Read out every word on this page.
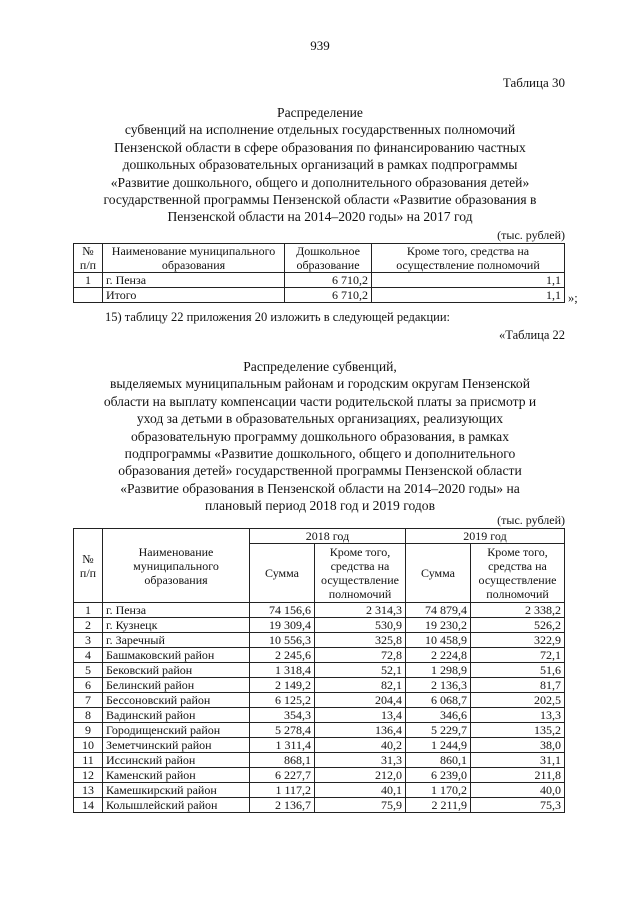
939
Таблица 30
Распределение
субвенций на исполнение отдельных государственных полномочий
Пензенской области в сфере образования по финансированию частных
дошкольных образовательных организаций в рамках подпрограммы
«Развитие дошкольного, общего и дополнительного образования детей»
государственной программы Пензенской области «Развитие образования в
Пензенской области на 2014–2020 годы» на 2017 год
(тыс. рублей)
№
п/п	Наименование муниципального образования	Дошкольное образование	Кроме того, средства на осуществление полномочий
1	г. Пенза	6 710,2	1,1
	Итого	6 710,2	1,1 »;
15) таблицу 22 приложения 20 изложить в следующей редакции:
«Таблица 22
Распределение субвенций,
выделяемых муниципальным районам и городским округам Пензенской
области на выплату компенсации части родительской платы за присмотр и
уход за детьми в образовательных организациях, реализующих
образовательную программу дошкольного образования, в рамках
подпрограммы «Развитие дошкольного, общего и дополнительного
образования детей» государственной программы Пензенской области
«Развитие образования в Пензенской области на 2014–2020 годы» на
плановый период 2018 год и 2019 годов
(тыс. рублей)
№ п/п	Наименование муниципального образования	2018 год		2019 год	
		Сумма	Кроме того, средства на осуществление полномочий	Сумма	Кроме того, средства на осуществление полномочий
1	г. Пенза	74 156,6	2 314,3	74 879,4	2 338,2
2	г. Кузнецк	19 309,4	530,9	19 230,2	526,2
3	г. Заречный	10 556,3	325,8	10 458,9	322,9
4	Башмаковский район	2 245,6	72,8	2 224,8	72,1
5	Бековский район	1 318,4	52,1	1 298,9	51,6
6	Белинский район	2 149,2	82,1	2 136,3	81,7
7	Бессоновский район	6 125,2	204,4	6 068,7	202,5
8	Вадинский район	354,3	13,4	346,6	13,3
9	Городищенский район	5 278,4	136,4	5 229,7	135,2
10	Земетчинский район	1 311,4	40,2	1 244,9	38,0
11	Иссинский район	868,1	31,3	860,1	31,1
12	Каменский район	6 227,7	212,0	6 239,0	211,8
13	Камешкирский район	1 117,2	40,1	1 170,2	40,0
14	Колышлейский район	2 136,7	75,9	2 211,9	75,3
